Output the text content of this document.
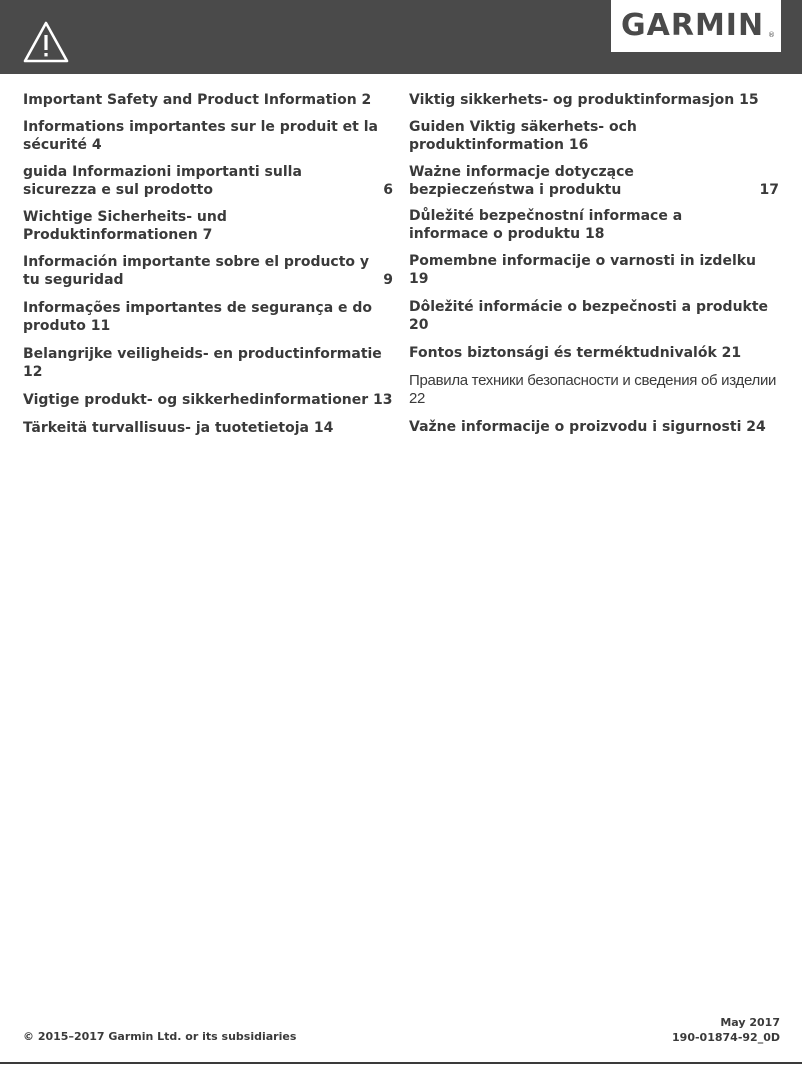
GARMIN ®
Important Safety and Product Information 2
Informations importantes sur le produit et la sécurité 4
guida Informazioni importanti sulla sicurezza e sul prodotto	6
Wichtige Sicherheits- und Produktinformationen 7
Información importante sobre el producto y tu seguridad	9
Informações importantes de segurança e do produto 11
Belangrijke veiligheids- en productinformatie 12
Vigtige produkt- og sikkerhedinformationer 13
Tärkeitä turvallisuus- ja tuotetietoja 14
Viktig sikkerhets- og produktinformasjon 15
Guiden Viktig säkerhets- och produktinformation 16
Ważne informacje dotyczące bezpieczeństwa i produktu	17
Důležité bezpečnostní informace a informace o produktu 18
Pomembne informacije o varnosti in izdelku 19
Dôležité informácie o bezpečnosti a produkte 20
Fontos biztonsági és terméktudnivalók 21
Правила техники безопасности и сведения об изделии 22
Važne informacije o proizvodu i sigurnosti 24
© 2015–2017 Garmin Ltd. or its subsidiaries
May 2017
190-01874-92_0D
